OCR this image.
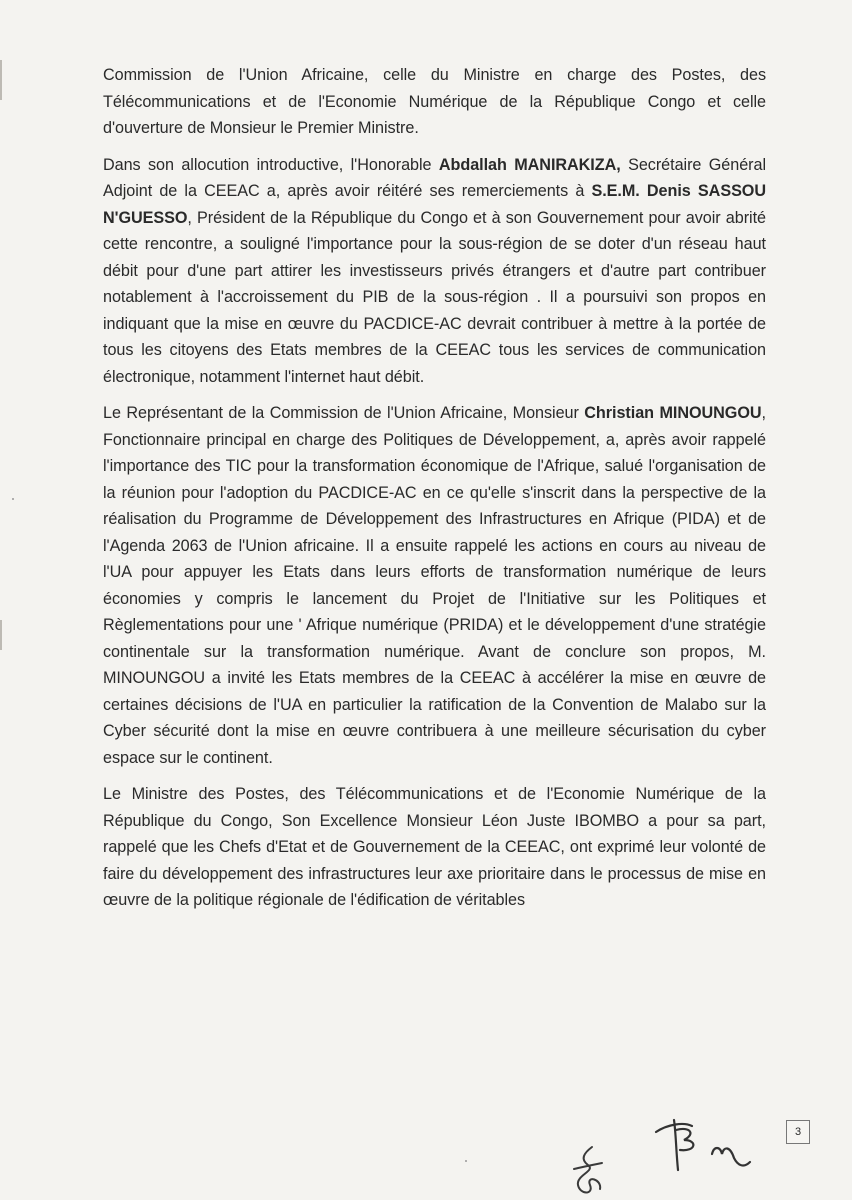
Commission de l'Union Africaine, celle du Ministre en charge des Postes, des Télécommunications et de l'Economie Numérique de la République Congo et celle d'ouverture de Monsieur le Premier Ministre.

Dans son allocution introductive, l'Honorable Abdallah MANIRAKIZA, Secrétaire Général Adjoint de la CEEAC a, après avoir réitéré ses remerciements à S.E.M. Denis SASSOU N'GUESSO, Président de la République du Congo et à son Gouvernement pour avoir abrité cette rencontre, a souligné l'importance pour la sous-région de se doter d'un réseau haut débit pour d'une part attirer les investisseurs privés étrangers et d'autre part contribuer notablement à l'accroissement du PIB de la sous-région . Il a poursuivi son propos en indiquant que la mise en œuvre du PACDICE-AC devrait contribuer à mettre à la portée de tous les citoyens des Etats membres de la CEEAC tous les services de communication électronique, notamment l'internet haut débit.

Le Représentant de la Commission de l'Union Africaine, Monsieur Christian MINOUNGOU, Fonctionnaire principal en charge des Politiques de Développement, a, après avoir rappelé l'importance des TIC pour la transformation économique de l'Afrique, salué l'organisation de la réunion pour l'adoption du PACDICE-AC en ce qu'elle s'inscrit dans la perspective de la réalisation du Programme de Développement des Infrastructures en Afrique (PIDA) et de l'Agenda 2063 de l'Union africaine. Il a ensuite rappelé les actions en cours au niveau de l'UA pour appuyer les Etats dans leurs efforts de transformation numérique de leurs économies y compris le lancement du Projet de l'Initiative sur les Politiques et Règlementations pour une ' Afrique numérique (PRIDA) et le développement d'une stratégie continentale sur la transformation numérique. Avant de conclure son propos, M. MINOUNGOU a invité les Etats membres de la CEEAC à accélérer la mise en œuvre de certaines décisions de l'UA en particulier la ratification de la Convention de Malabo sur la Cyber sécurité dont la mise en œuvre contribuera à une meilleure sécurisation du cyber espace sur le continent.

Le Ministre des Postes, des Télécommunications et de l'Economie Numérique de la République du Congo, Son Excellence Monsieur Léon Juste IBOMBO a pour sa part, rappelé que les Chefs d'Etat et de Gouvernement de la CEEAC, ont exprimé leur volonté de faire du développement des infrastructures leur axe prioritaire dans le processus de mise en œuvre de la politique régionale de l'édification de véritables

3
